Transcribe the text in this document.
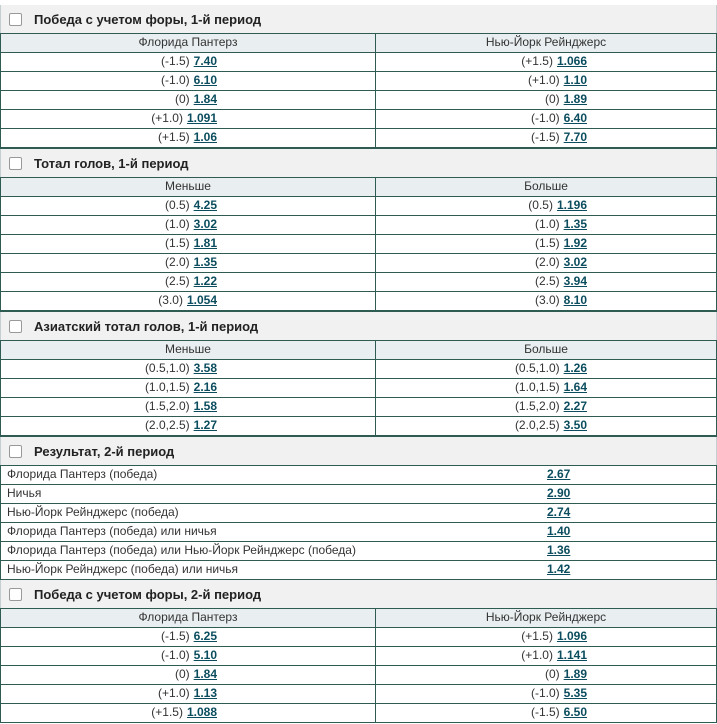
Победа с учетом форы, 1-й период
Флорида Пантерз	Нью-Йорк Рейнджерс
(-1.5) 7.40	(+1.5) 1.066
(-1.0) 6.10	(+1.0) 1.10
(0) 1.84	(0) 1.89
(+1.0) 1.091	(-1.0) 6.40
(+1.5) 1.06	(-1.5) 7.70
Тотал голов, 1-й период
Меньше	Больше
(0.5) 4.25	(0.5) 1.196
(1.0) 3.02	(1.0) 1.35
(1.5) 1.81	(1.5) 1.92
(2.0) 1.35	(2.0) 3.02
(2.5) 1.22	(2.5) 3.94
(3.0) 1.054	(3.0) 8.10
Азиатский тотал голов, 1-й период
Меньше	Больше
(0.5,1.0) 3.58	(0.5,1.0) 1.26
(1.0,1.5) 2.16	(1.0,1.5) 1.64
(1.5,2.0) 1.58	(1.5,2.0) 2.27
(2.0,2.5) 1.27	(2.0,2.5) 3.50
Результат, 2-й период
Флорида Пантерз (победа)	2.67
Ничья	2.90
Нью-Йорк Рейнджерс (победа)	2.74
Флорида Пантерз (победа) или ничья	1.40
Флорида Пантерз (победа) или Нью-Йорк Рейнджерс (победа)	1.36
Нью-Йорк Рейнджерс (победа) или ничья	1.42
Победа с учетом форы, 2-й период
Флорида Пантерз	Нью-Йорк Рейнджерс
(-1.5) 6.25	(+1.5) 1.096
(-1.0) 5.10	(+1.0) 1.141
(0) 1.84	(0) 1.89
(+1.0) 1.13	(-1.0) 5.35
(+1.5) 1.088	(-1.5) 6.50
